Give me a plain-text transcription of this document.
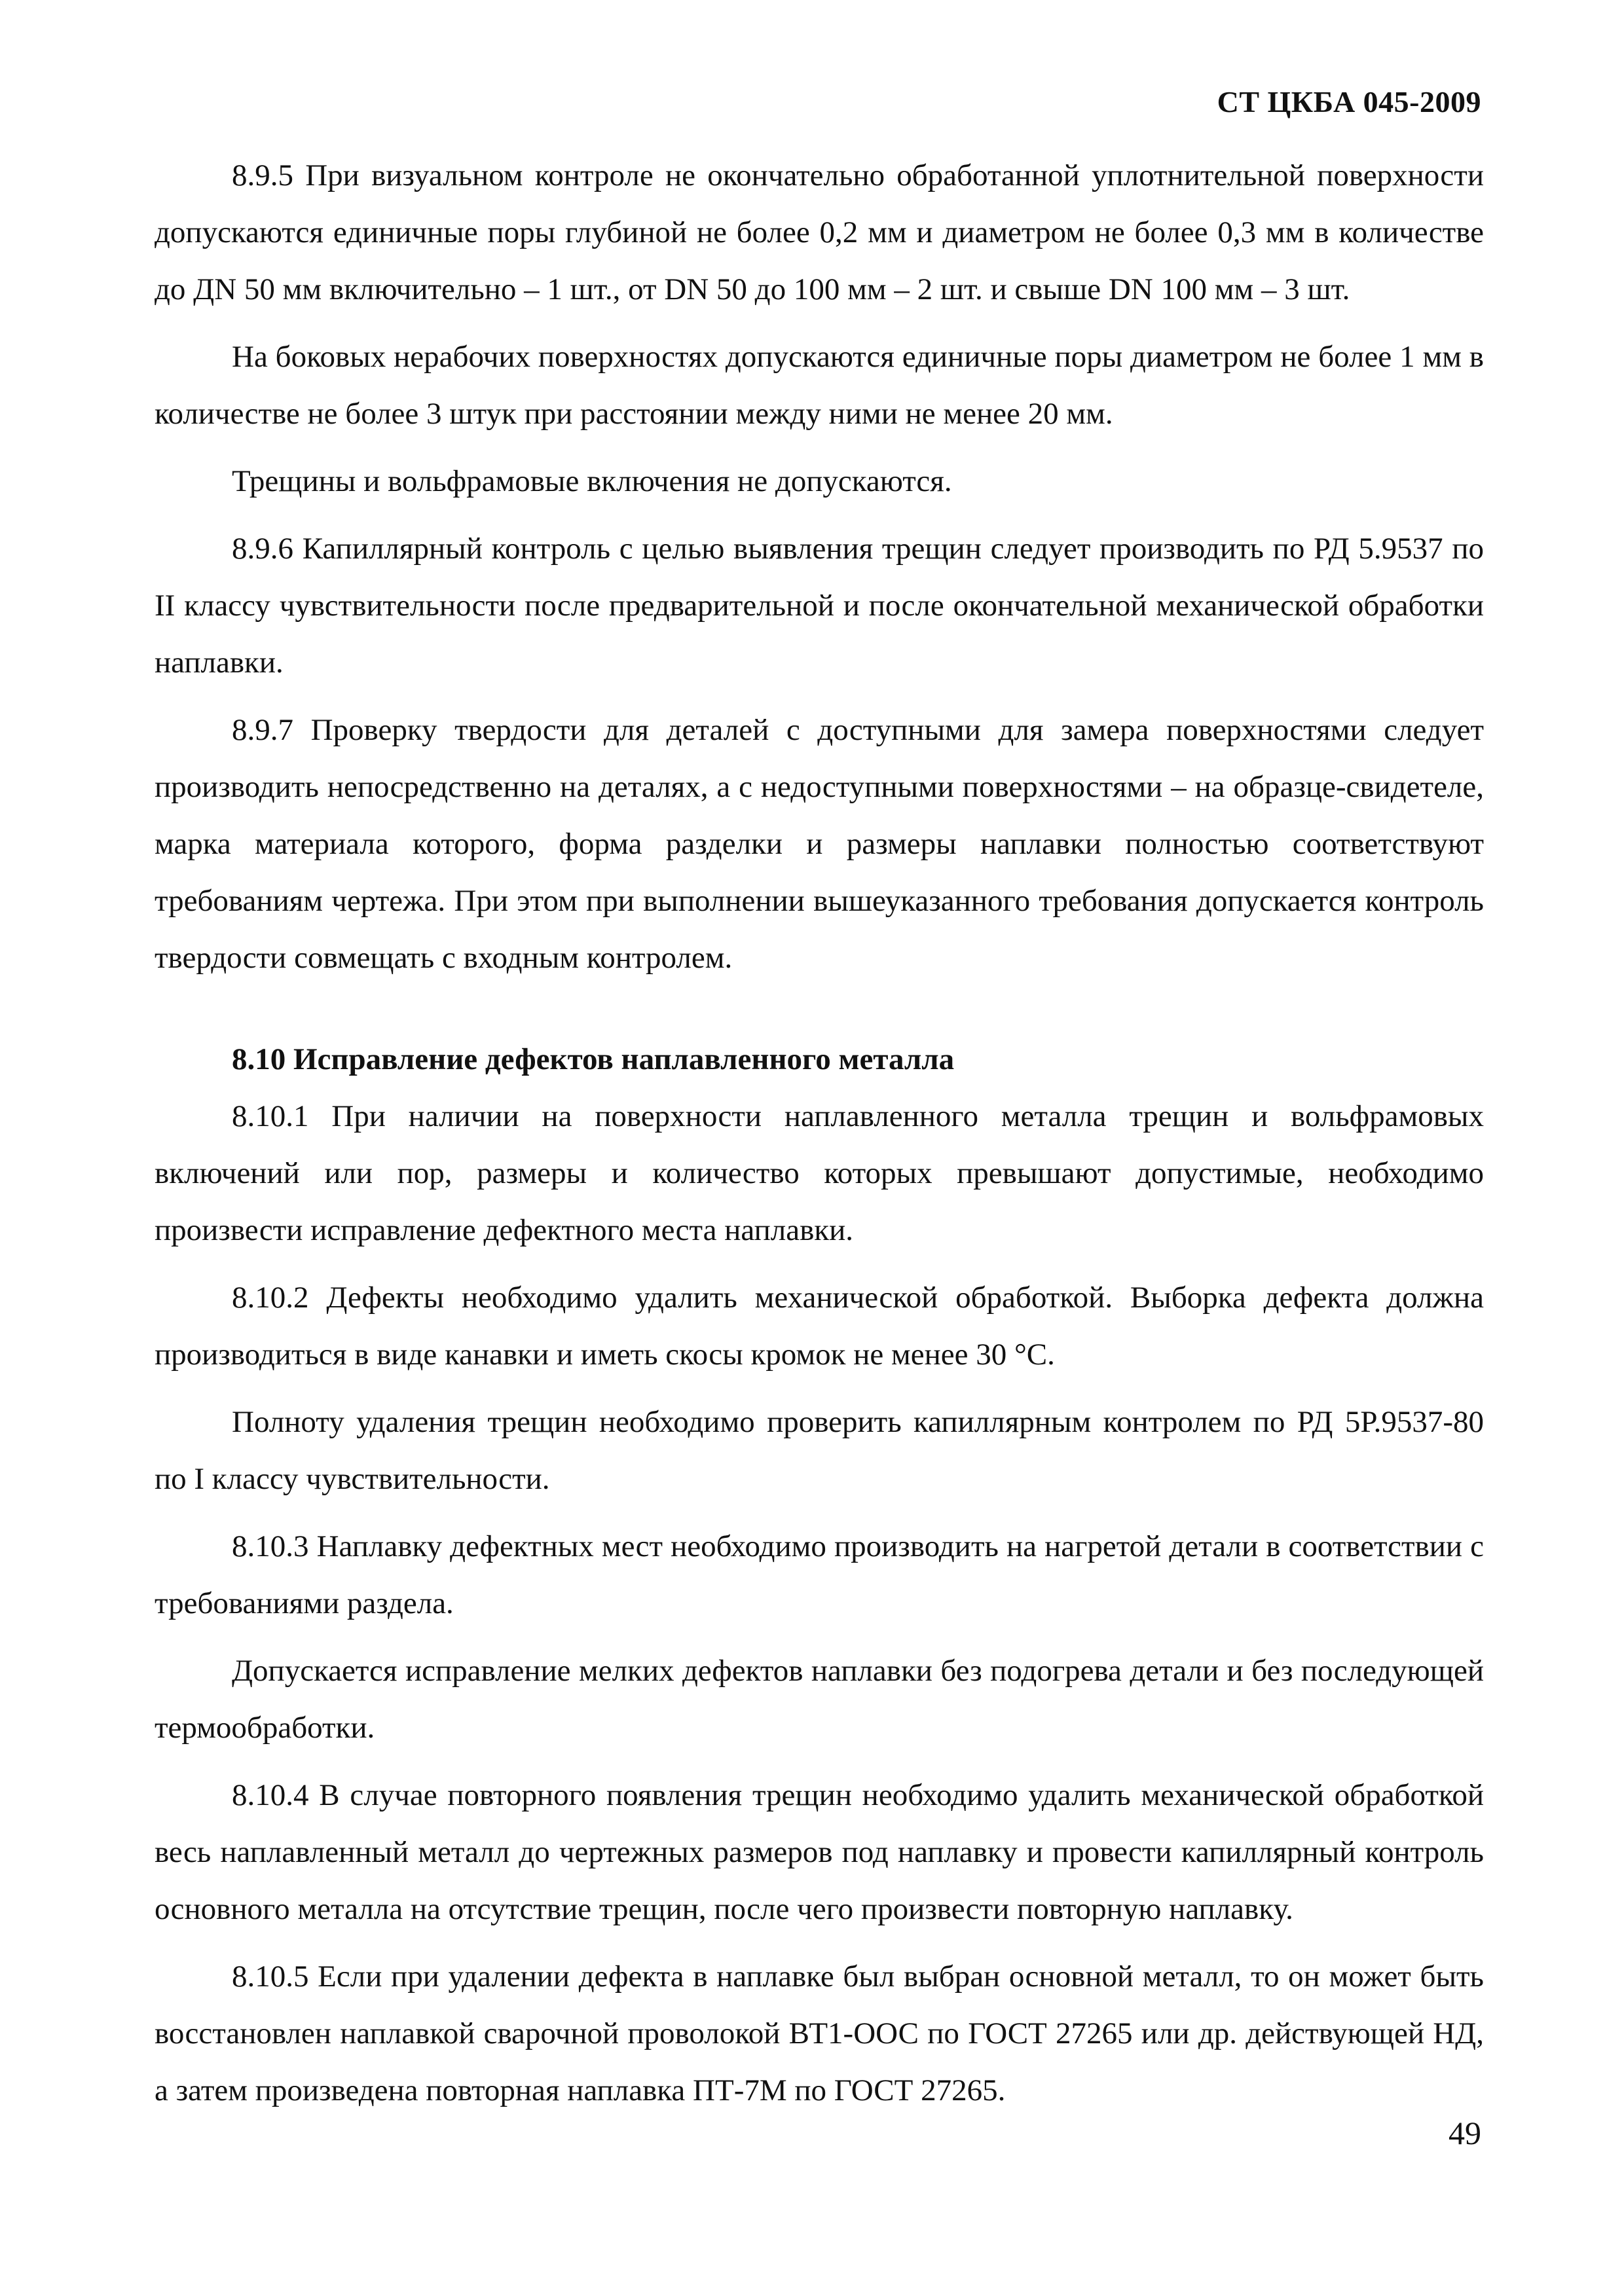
СТ ЦКБА 045-2009

8.9.5 При визуальном контроле не окончательно обработанной уплотнительной поверхности допускаются единичные поры глубиной не более 0,2 мм и диаметром не более 0,3 мм в количестве до ДN 50 мм включительно – 1 шт., от DN 50 до 100 мм – 2 шт. и свыше DN 100 мм – 3 шт.

На боковых нерабочих поверхностях допускаются единичные поры диаметром не более 1 мм в количестве не более 3 штук при расстоянии между ними не менее 20 мм.

Трещины и вольфрамовые включения не допускаются.

8.9.6 Капиллярный контроль с целью выявления трещин следует производить по РД 5.9537 по II классу чувствительности после предварительной и после окончательной механической обработки наплавки.

8.9.7 Проверку твердости для деталей с доступными для замера поверхностями следует производить непосредственно на деталях, а с недоступными поверхностями – на образце-свидетеле, марка материала которого, форма разделки и размеры наплавки полностью соответствуют требованиям чертежа. При этом при выполнении вышеуказанного требования допускается контроль твердости совмещать с входным контролем.

8.10 Исправление дефектов наплавленного металла

8.10.1 При наличии на поверхности наплавленного металла трещин и вольфрамовых включений или пор, размеры и количество которых превышают допустимые, необходимо произвести исправление дефектного места наплавки.

8.10.2 Дефекты необходимо удалить механической обработкой. Выборка дефекта должна производиться в виде канавки и иметь скосы кромок не менее 30 °С.

Полноту удаления трещин необходимо проверить капиллярным контролем по РД 5Р.9537-80 по I классу чувствительности.

8.10.3 Наплавку дефектных мест необходимо производить на нагретой детали в соответствии с требованиями раздела.

Допускается исправление мелких дефектов наплавки без подогрева детали и без последующей термообработки.

8.10.4 В случае повторного появления трещин необходимо удалить механической обработкой весь наплавленный металл до чертежных размеров под наплавку и провести капиллярный контроль основного металла на отсутствие трещин, после чего произвести повторную наплавку.

8.10.5 Если при удалении дефекта в наплавке был выбран основной металл, то он может быть восстановлен наплавкой сварочной проволокой ВТ1-ООС по ГОСТ 27265 или др. действующей НД, а затем произведена повторная наплавка ПТ-7М по ГОСТ 27265.

49
